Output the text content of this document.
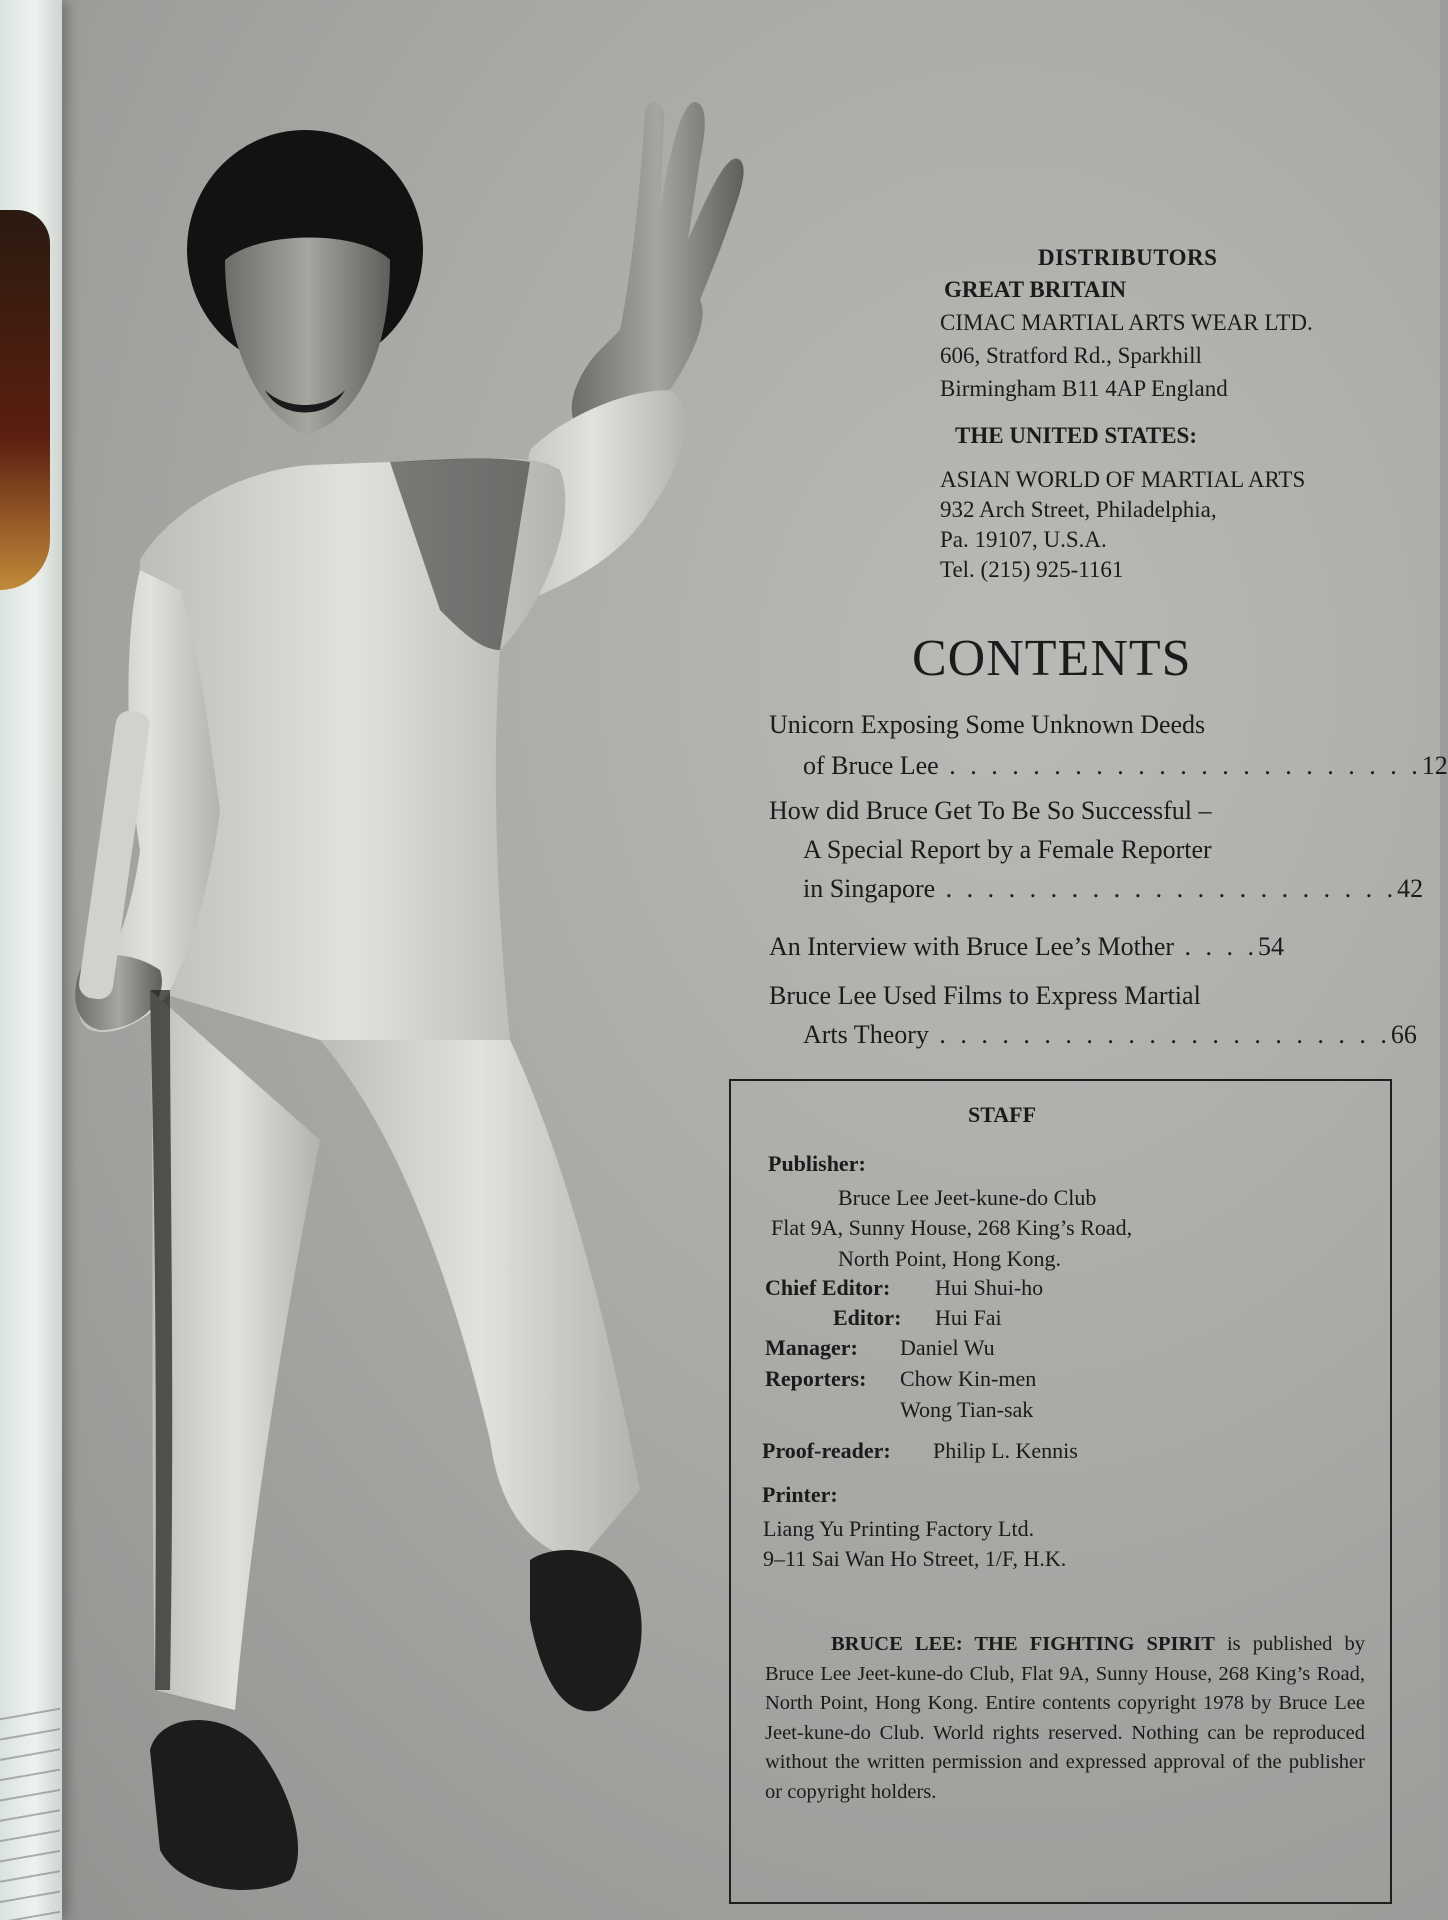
DISTRIBUTORS
GREAT BRITAIN
CIMAC MARTIAL ARTS WEAR LTD.
606, Stratford Rd., Sparkhill
Birmingham B11 4AP England
THE UNITED STATES:
ASIAN WORLD OF MARTIAL ARTS
932 Arch Street, Philadelphia,
Pa. 19107, U.S.A.
Tel. (215) 925-1161
CONTENTS
Unicorn Exposing Some Unknown Deeds
of Bruce Lee . . . . . . . . . . . . . . . . . . . . . . .12
How did Bruce Get To Be So Successful –
A Special Report by a Female Reporter
in Singapore . . . . . . . . . . . . . . . . . . . . . .42
An Interview with Bruce Lee’s Mother . . . .54
Bruce Lee Used Films to Express Martial
Arts Theory . . . . . . . . . . . . . . . . . . . . . .66
STAFF
Publisher:
Bruce Lee Jeet-kune-do Club
Flat 9A, Sunny House, 268 King’s Road,
North Point, Hong Kong.
Chief Editor: Hui Shui-ho
Editor: Hui Fai
Manager: Daniel Wu
Reporters: Chow Kin-men
Wong Tian-sak
Proof-reader: Philip L. Kennis
Printer:
Liang Yu Printing Factory Ltd.
9–11 Sai Wan Ho Street, 1/F, H.K.
BRUCE LEE: THE FIGHTING SPIRIT is published by Bruce Lee Jeet-kune-do Club, Flat 9A, Sunny House, 268 King’s Road, North Point, Hong Kong. Entire contents copyright 1978 by Bruce Lee Jeet-kune-do Club. World rights reserved. Nothing can be reproduced without the written permission and expressed approval of the publisher or copyright holders.
